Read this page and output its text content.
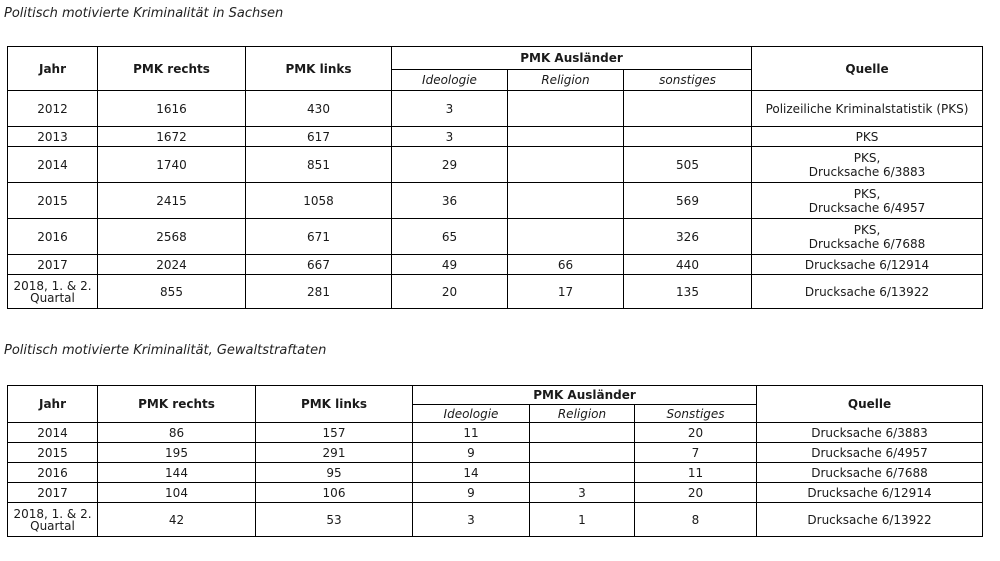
Politisch motivierte Kriminalität in Sachsen
Jahr	PMK rechts	PMK links	PMK Ausländer			Quelle
			Ideologie	Religion	sonstiges	
2012	1616	430	3			Polizeiliche Kriminalstatistik (PKS)
2013	1672	617	3			PKS
2014	1740	851	29		505	PKS,
Drucksache 6/3883
2015	2415	1058	36		569	PKS,
Drucksache 6/4957
2016	2568	671	65		326	PKS,
Drucksache 6/7688
2017	2024	667	49	66	440	Drucksache 6/12914
2018, 1. & 2. Quartal	855	281	20	17	135	Drucksache 6/13922
Politisch motivierte Kriminalität, Gewaltstraftaten
Jahr	PMK rechts	PMK links	PMK Ausländer			Quelle
			Ideologie	Religion	Sonstiges	
2014	86	157	11		20	Drucksache 6/3883
2015	195	291	9		7	Drucksache 6/4957
2016	144	95	14		11	Drucksache 6/7688
2017	104	106	9	3	20	Drucksache 6/12914
2018, 1. & 2. Quartal	42	53	3	1	8	Drucksache 6/13922
